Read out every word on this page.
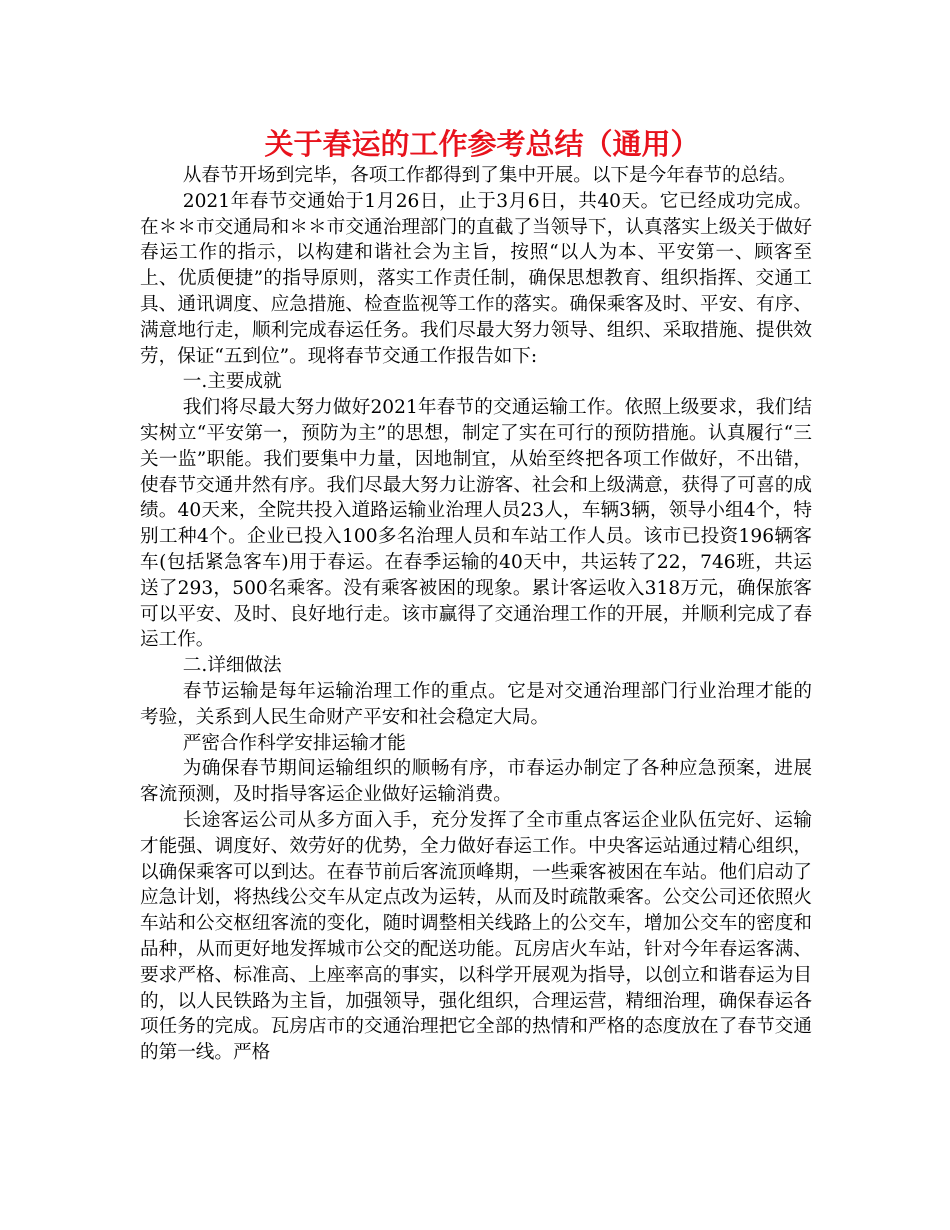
关于春运的工作参考总结（通用）

从春节开场到完毕，各项工作都得到了集中开展。以下是今年春节的总结。

2021年春节交通始于1月26日，止于3月6日，共40天。它已经成功完成。在＊＊市交通局和＊＊市交通治理部门的直截了当领导下，认真落实上级关于做好春运工作的指示，以构建和谐社会为主旨，按照“以人为本、平安第一、顾客至上、优质便捷”的指导原则，落实工作责任制，确保思想教育、组织指挥、交通工具、通讯调度、应急措施、检查监视等工作的落实。确保乘客及时、平安、有序、满意地行走，顺利完成春运任务。我们尽最大努力领导、组织、采取措施、提供效劳，保证“五到位”。现将春节交通工作报告如下:

一.主要成就

我们将尽最大努力做好2021年春节的交通运输工作。依照上级要求，我们结实树立“平安第一，预防为主”的思想，制定了实在可行的预防措施。认真履行“三关一监”职能。我们要集中力量，因地制宜，从始至终把各项工作做好，不出错，使春节交通井然有序。我们尽最大努力让游客、社会和上级满意，获得了可喜的成绩。40天来，全院共投入道路运输业治理人员23人，车辆3辆，领导小组4个，特别工种4个。企业已投入100多名治理人员和车站工作人员。该市已投资196辆客车(包括紧急客车)用于春运。在春季运输的40天中，共运转了22，746班，共运送了293，500名乘客。没有乘客被困的现象。累计客运收入318万元，确保旅客可以平安、及时、良好地行走。该市赢得了交通治理工作的开展，并顺利完成了春运工作。

二.详细做法

春节运输是每年运输治理工作的重点。它是对交通治理部门行业治理才能的考验，关系到人民生命财产平安和社会稳定大局。

严密合作科学安排运输才能

为确保春节期间运输组织的顺畅有序，市春运办制定了各种应急预案，进展客流预测，及时指导客运企业做好运输消费。

长途客运公司从多方面入手，充分发挥了全市重点客运企业队伍完好、运输才能强、调度好、效劳好的优势，全力做好春运工作。中央客运站通过精心组织，以确保乘客可以到达。在春节前后客流顶峰期，一些乘客被困在车站。他们启动了应急计划，将热线公交车从定点改为运转，从而及时疏散乘客。公交公司还依照火车站和公交枢纽客流的变化，随时调整相关线路上的公交车，增加公交车的密度和品种，从而更好地发挥城市公交的配送功能。瓦房店火车站，针对今年春运客满、要求严格、标准高、上座率高的事实，以科学开展观为指导，以创立和谐春运为目的，以人民铁路为主旨，加强领导，强化组织，合理运营，精细治理，确保春运各项任务的完成。瓦房店市的交通治理把它全部的热情和严格的态度放在了春节交通的第一线。严格
